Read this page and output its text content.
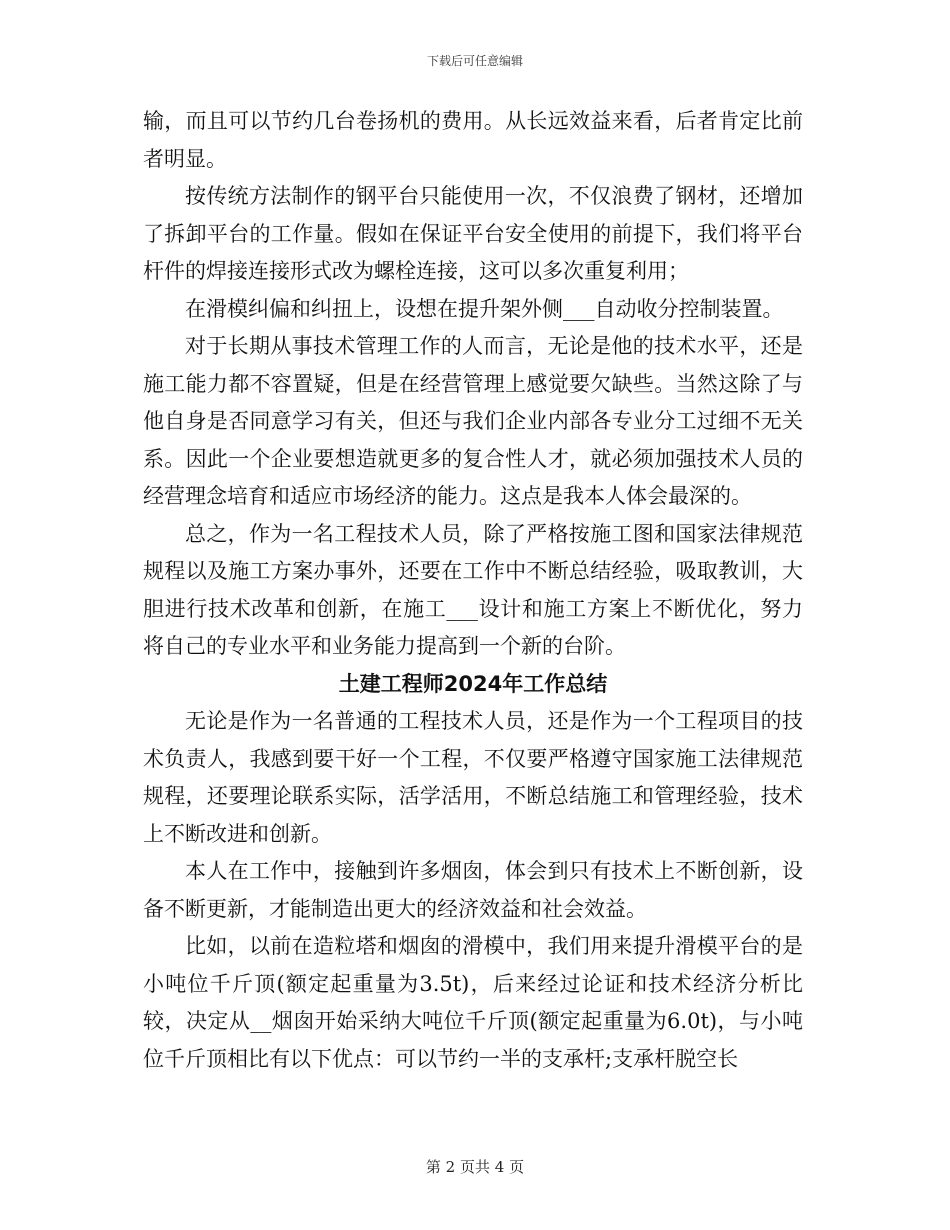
下载后可任意编辑

输，而且可以节约几台卷扬机的费用。从长远效益来看，后者肯定比前者明显。

按传统方法制作的钢平台只能使用一次，不仅浪费了钢材，还增加了拆卸平台的工作量。假如在保证平台安全使用的前提下，我们将平台杆件的焊接连接形式改为螺栓连接，这可以多次重复利用；

在滑模纠偏和纠扭上，设想在提升架外侧___自动收分控制装置。

对于长期从事技术管理工作的人而言，无论是他的技术水平，还是施工能力都不容置疑，但是在经营管理上感觉要欠缺些。当然这除了与他自身是否同意学习有关，但还与我们企业内部各专业分工过细不无关系。因此一个企业要想造就更多的复合性人才，就必须加强技术人员的经营理念培育和适应市场经济的能力。这点是我本人体会最深的。

总之，作为一名工程技术人员，除了严格按施工图和国家法律规范规程以及施工方案办事外，还要在工作中不断总结经验，吸取教训，大胆进行技术改革和创新，在施工___设计和施工方案上不断优化，努力将自己的专业水平和业务能力提高到一个新的台阶。

土建工程师2024年工作总结

无论是作为一名普通的工程技术人员，还是作为一个工程项目的技术负责人，我感到要干好一个工程，不仅要严格遵守国家施工法律规范规程，还要理论联系实际，活学活用，不断总结施工和管理经验，技术上不断改进和创新。

本人在工作中，接触到许多烟囱，体会到只有技术上不断创新，设备不断更新，才能制造出更大的经济效益和社会效益。

比如，以前在造粒塔和烟囱的滑模中，我们用来提升滑模平台的是小吨位千斤顶(额定起重量为3.5t)，后来经过论证和技术经济分析比较，决定从__烟囱开始采纳大吨位千斤顶(额定起重量为6.0t)，与小吨位千斤顶相比有以下优点：可以节约一半的支承杆;支承杆脱空长

第 2 页共 4 页
